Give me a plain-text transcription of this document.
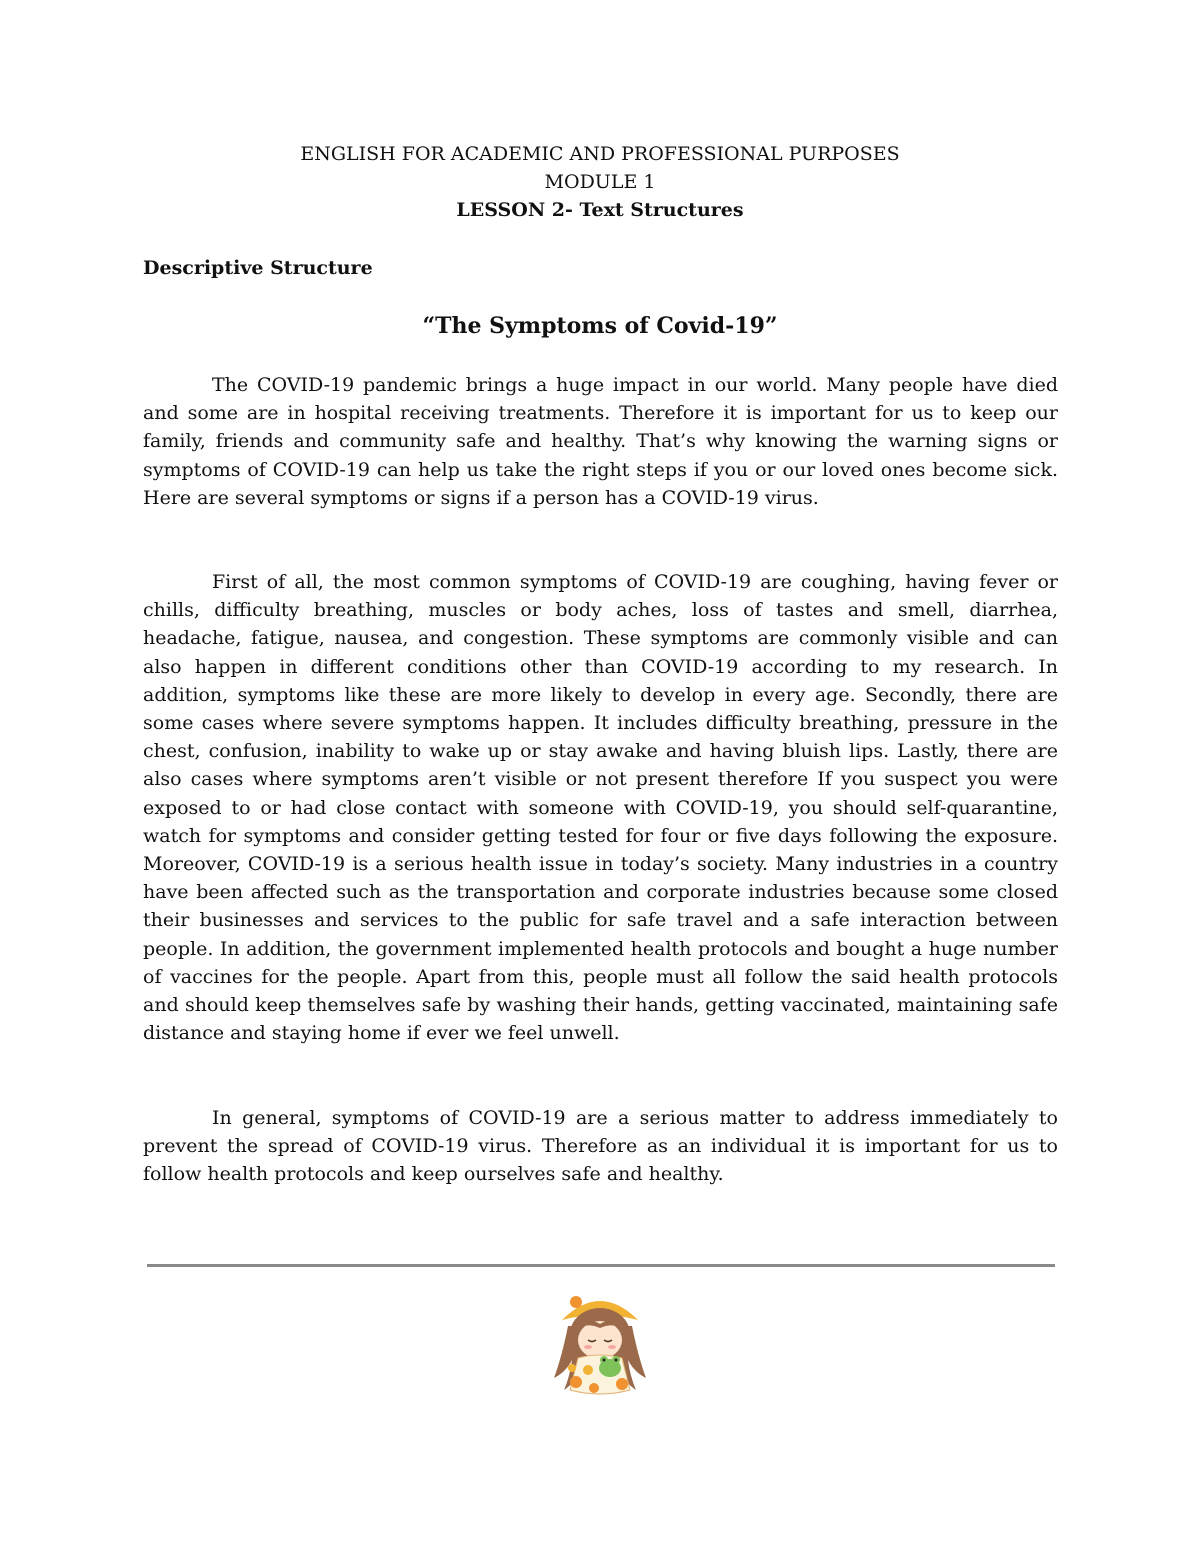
ENGLISH FOR ACADEMIC AND PROFESSIONAL PURPOSES
MODULE 1
LESSON 2- Text Structures
Descriptive Structure
“The Symptoms of Covid-19”

The COVID-19 pandemic brings a huge impact in our world. Many people have died and some are in hospital receiving treatments. Therefore it is important for us to keep our family, friends and community safe and healthy. That’s why knowing the warning signs or symptoms of COVID-19 can help us take the right steps if you or our loved ones become sick. Here are several symptoms or signs if a person has a COVID-19 virus.

First of all, the most common symptoms of COVID-19 are coughing, having fever or chills, difficulty breathing, muscles or body aches, loss of tastes and smell, diarrhea, headache, fatigue, nausea, and congestion. These symptoms are commonly visible and can also happen in different conditions other than COVID-19 according to my research. In addition, symptoms like these are more likely to develop in every age. Secondly, there are some cases where severe symptoms happen. It includes difficulty breathing, pressure in the chest, confusion, inability to wake up or stay awake and having bluish lips. Lastly, there are also cases where symptoms aren’t visible or not present therefore If you suspect you were exposed to or had close contact with someone with COVID-19, you should self-quarantine, watch for symptoms and consider getting tested for four or five days following the exposure. Moreover, COVID-19 is a serious health issue in today’s society. Many industries in a country have been affected such as the transportation and corporate industries because some closed their businesses and services to the public for safe travel and a safe interaction between people. In addition, the government implemented health protocols and bought a huge number of vaccines for the people. Apart from this, people must all follow the said health protocols and should keep themselves safe by washing their hands, getting vaccinated, maintaining safe distance and staying home if ever we feel unwell.

In general, symptoms of COVID-19 are a serious matter to address immediately to prevent the spread of COVID-19 virus. Therefore as an individual it is important for us to follow health protocols and keep ourselves safe and healthy.
